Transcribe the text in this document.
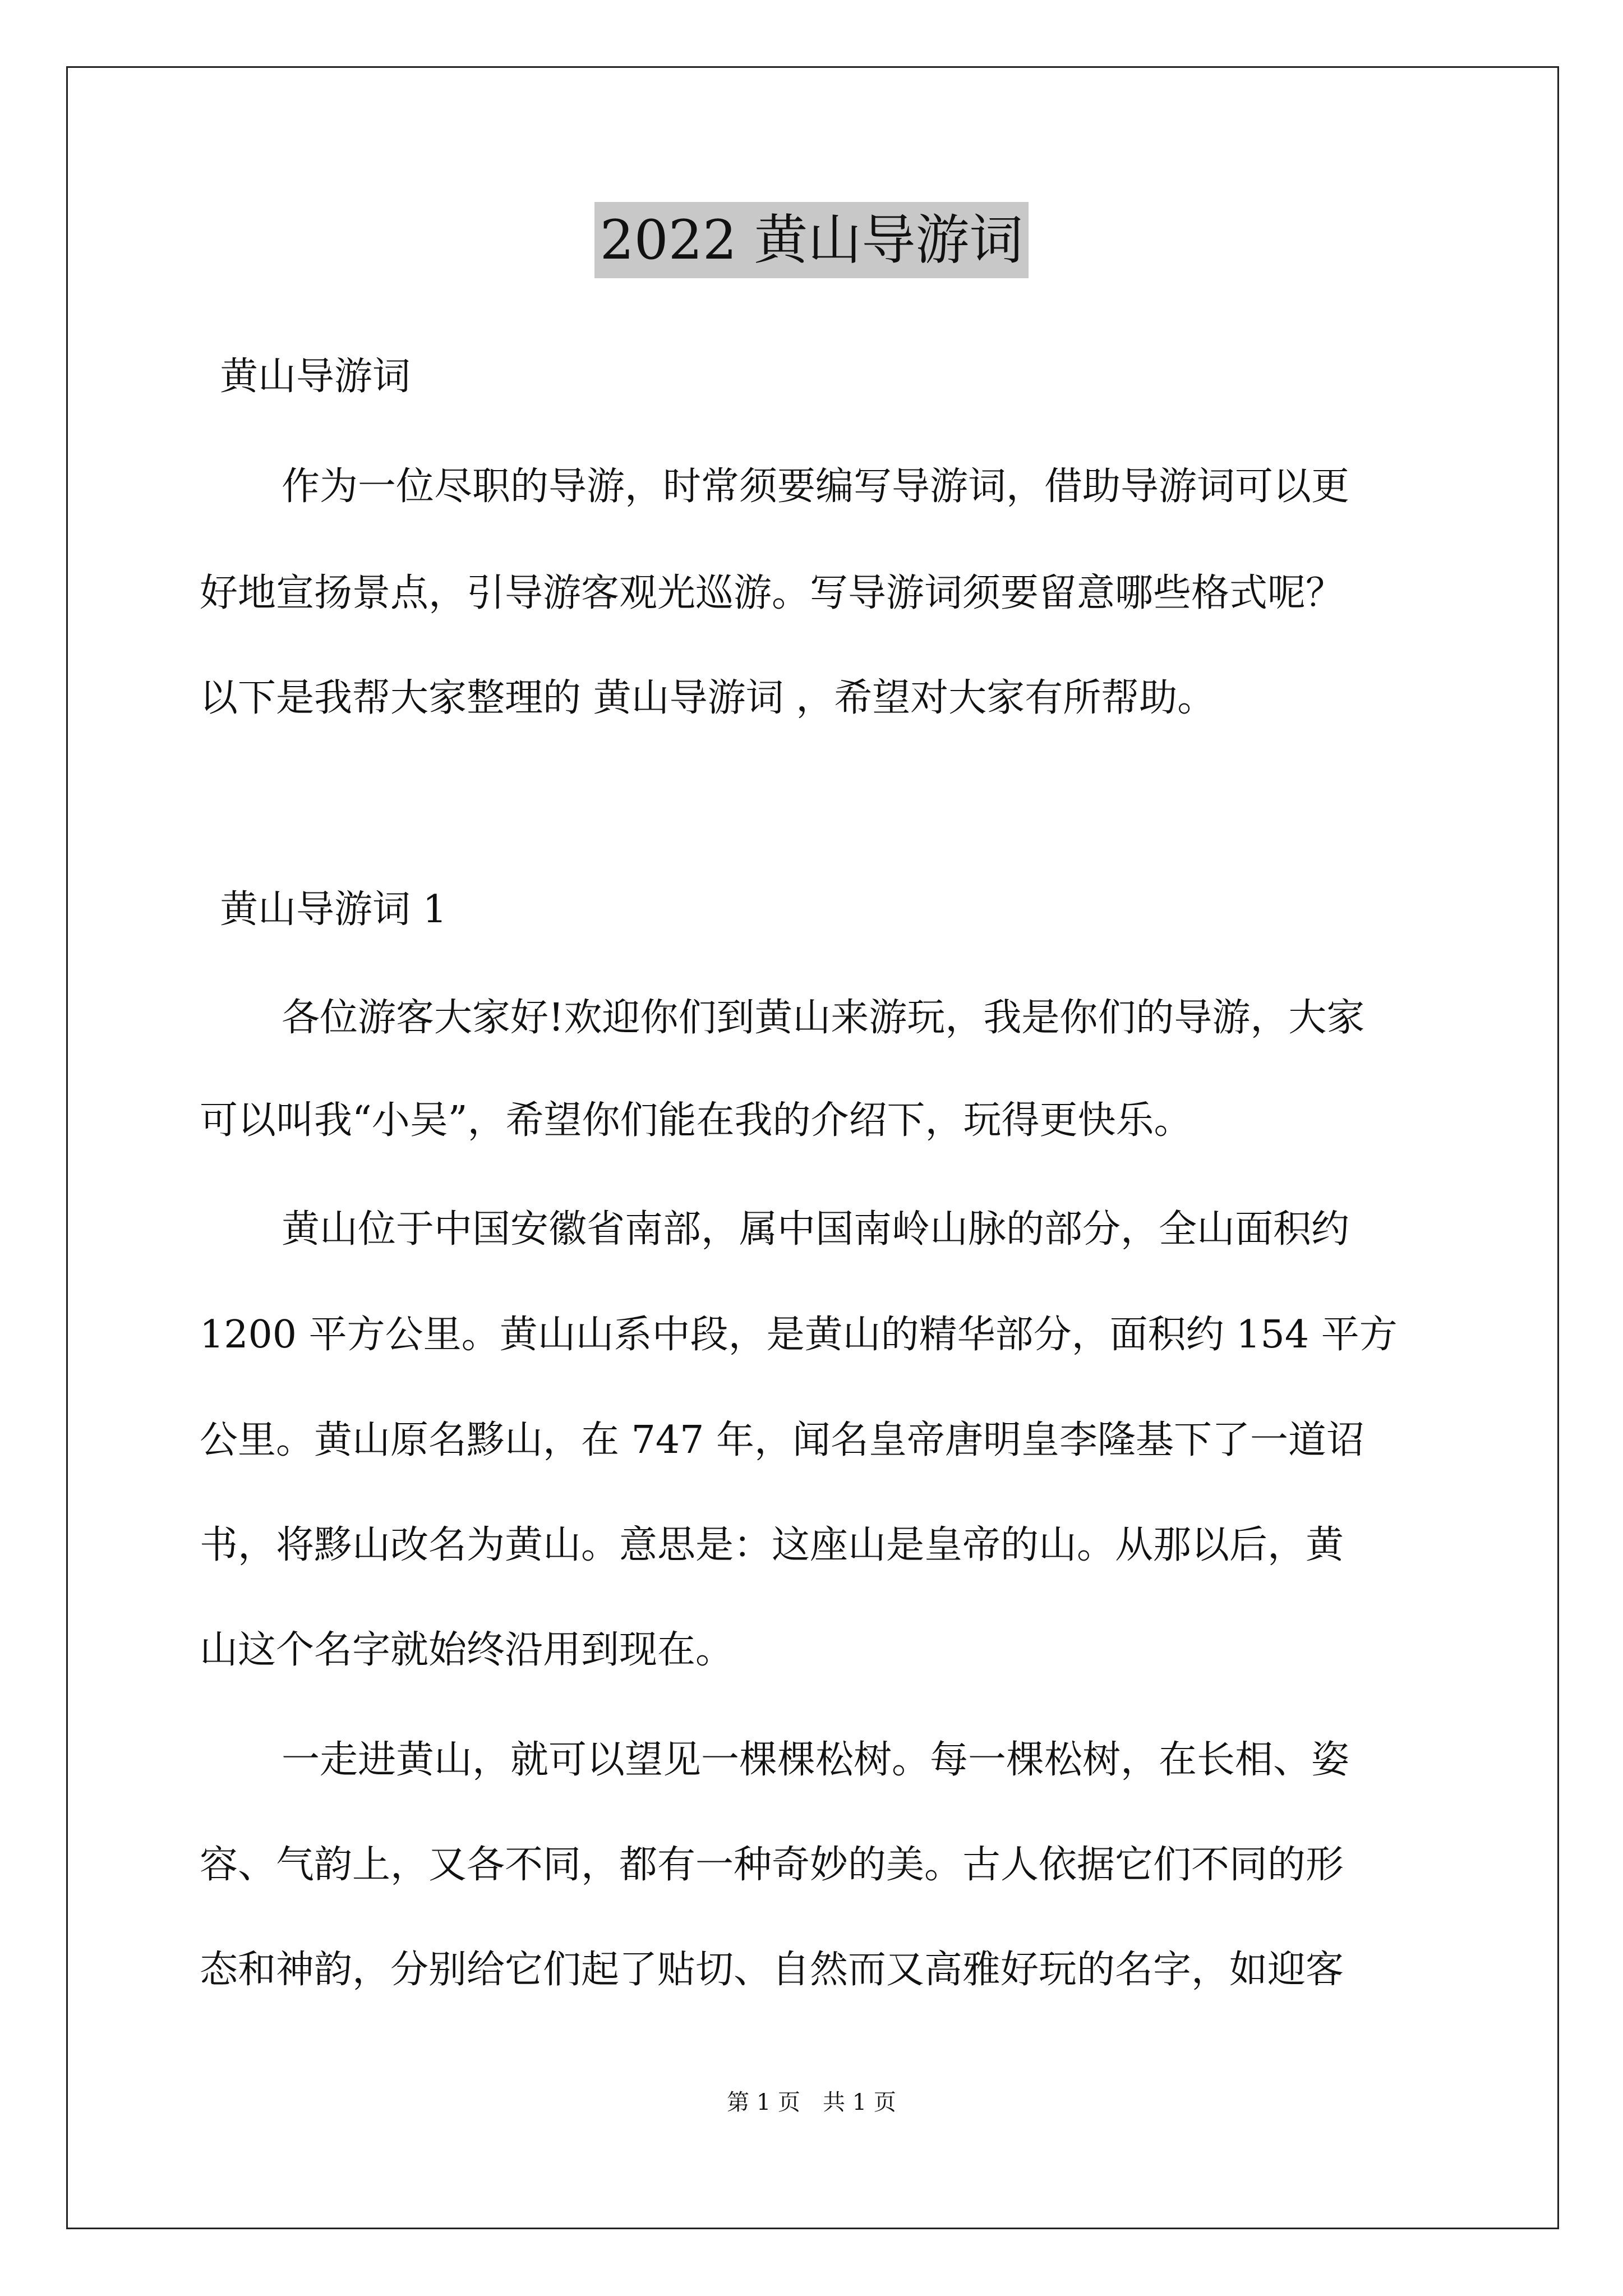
2022 黄山导游词
黄山导游词
作为一位尽职的导游，时常须要编写导游词，借助导游词可以更
好地宣扬景点，引导游客观光巡游。写导游词须要留意哪些格式呢？
以下是我帮大家整理的 黄山导游词 ，希望对大家有所帮助。
黄山导游词 1
各位游客大家好!欢迎你们到黄山来游玩，我是你们的导游，大家
可以叫我“小吴”，希望你们能在我的介绍下，玩得更快乐。
黄山位于中国安徽省南部，属中国南岭山脉的部分，全山面积约
1200 平方公里。黄山山系中段，是黄山的精华部分，面积约 154 平方
公里。黄山原名黟山，在 747 年，闻名皇帝唐明皇李隆基下了一道诏
书，将黟山改名为黄山。意思是：这座山是皇帝的山。从那以后，黄
山这个名字就始终沿用到现在。
一走进黄山，就可以望见一棵棵松树。每一棵松树，在长相、姿
容、气韵上，又各不同，都有一种奇妙的美。古人依据它们不同的形
态和神韵，分别给它们起了贴切、自然而又高雅好玩的名字，如迎客
第 1 页　共 1 页
